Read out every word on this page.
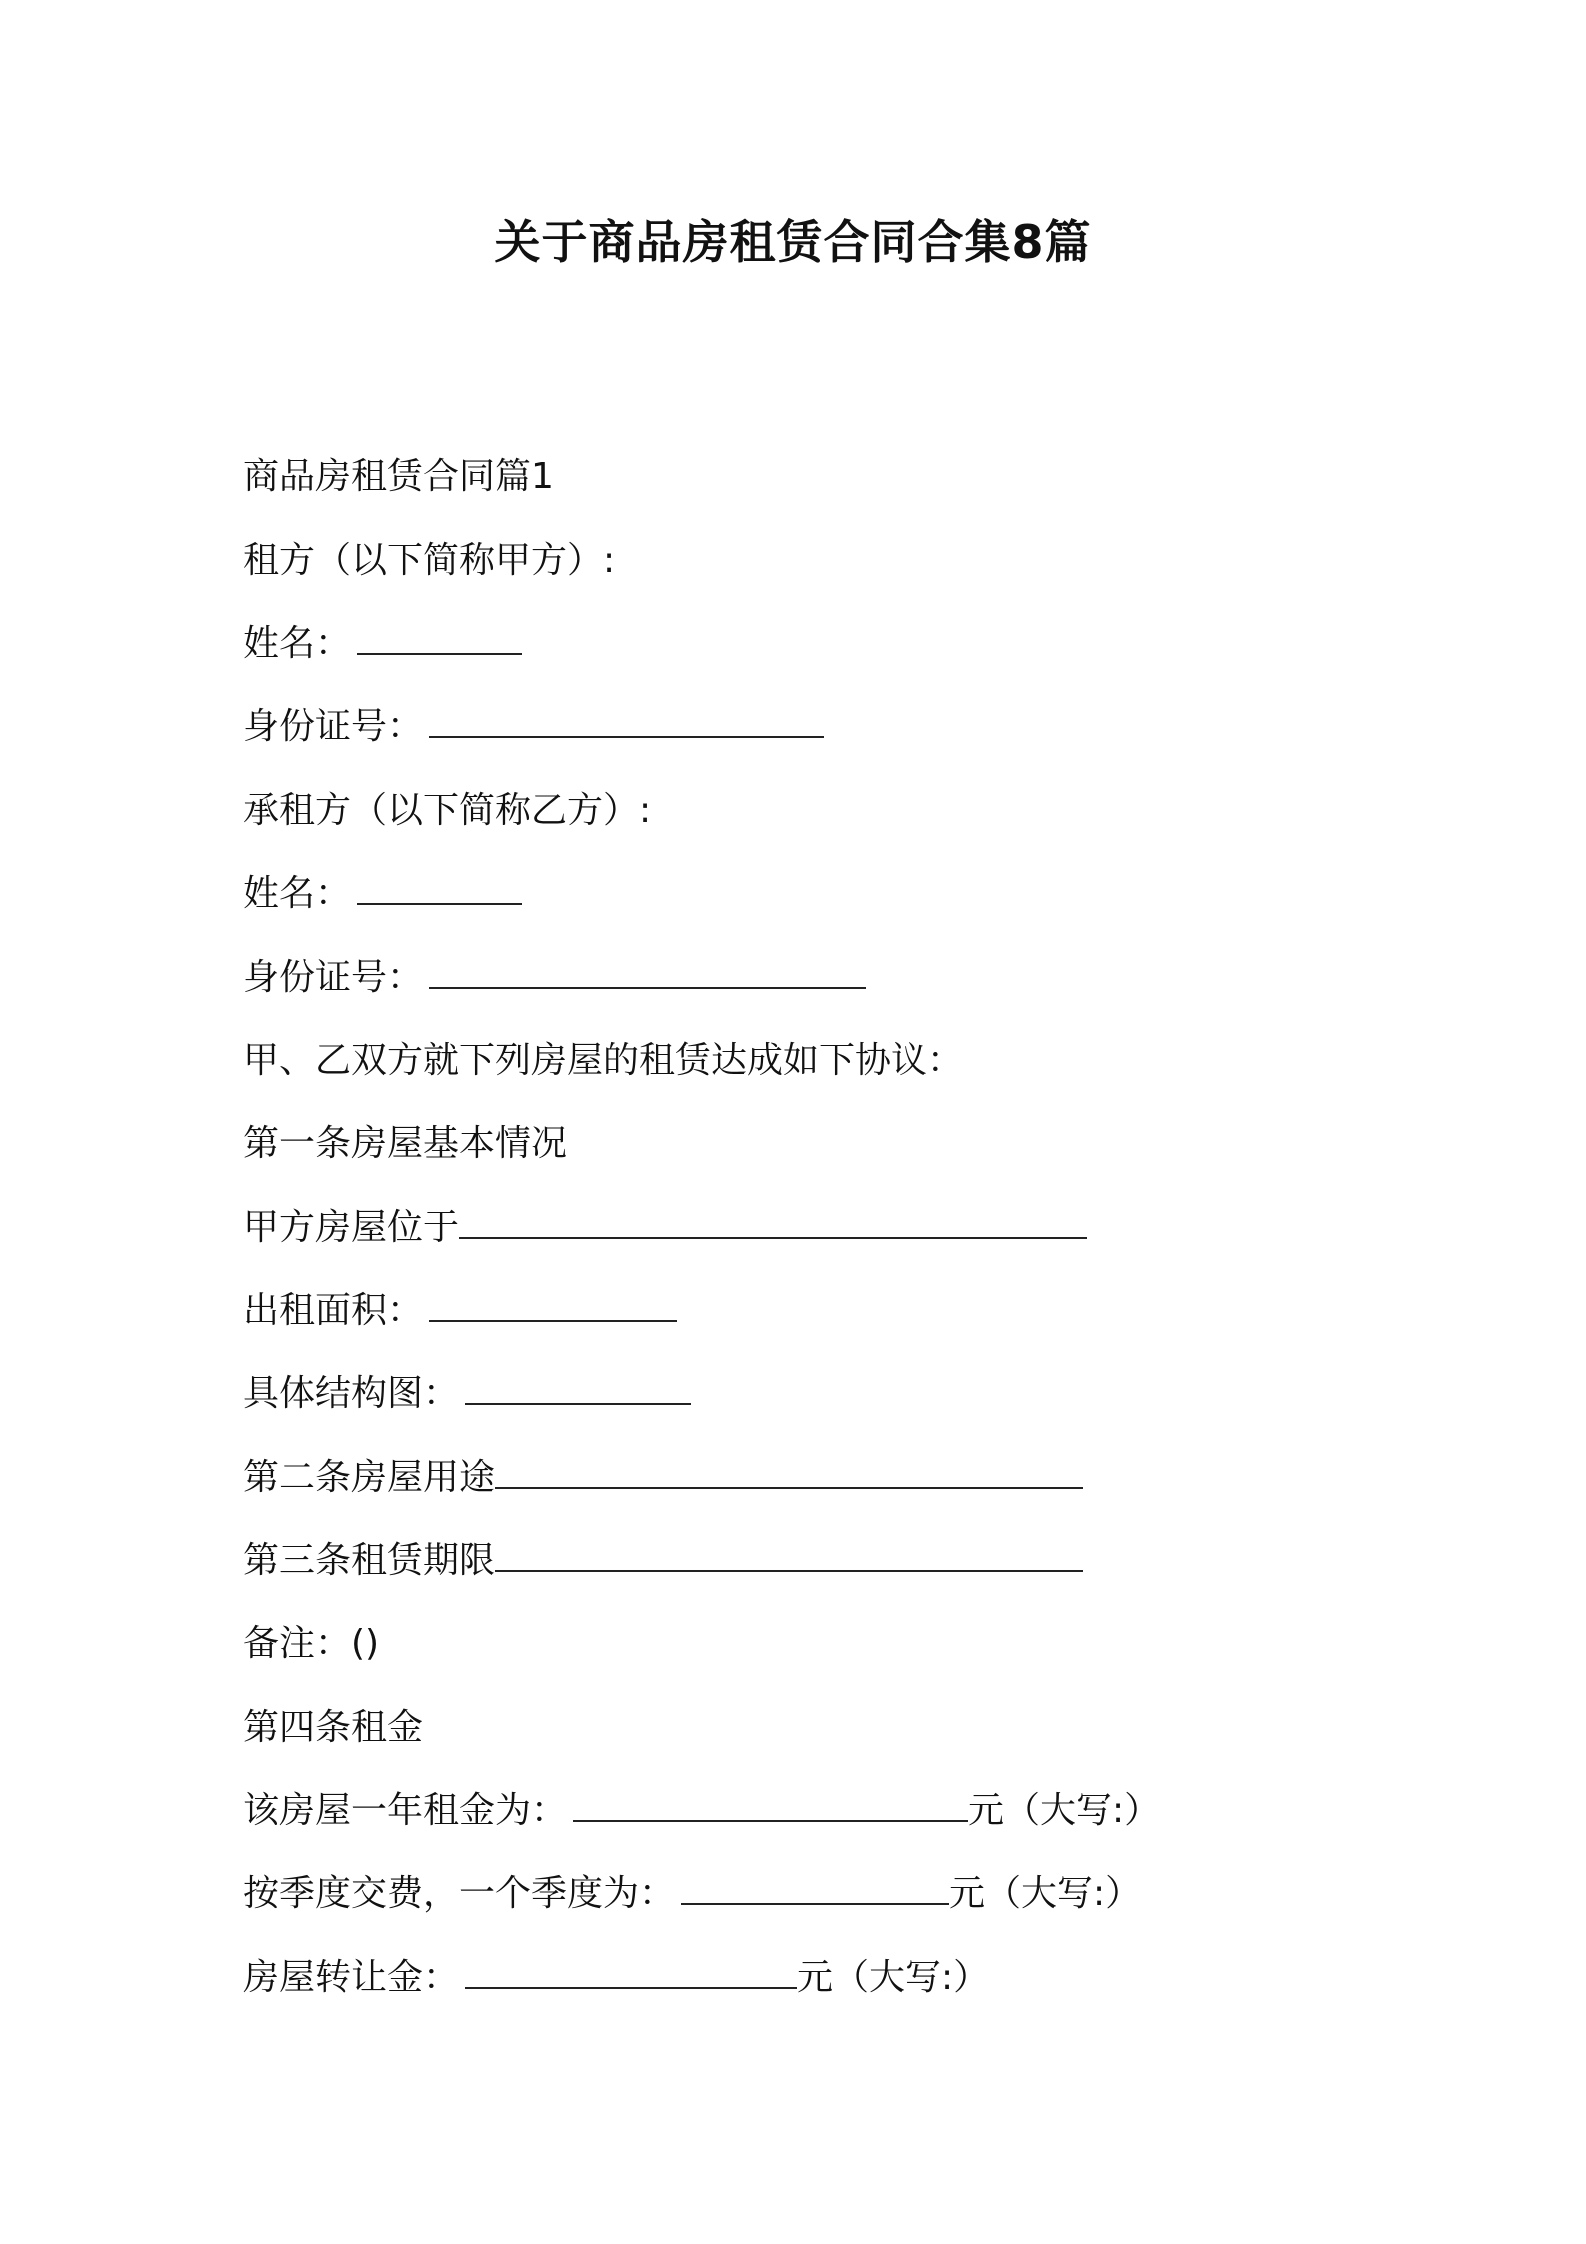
关于商品房租赁合同合集8篇
商品房租赁合同篇1
租方（以下简称甲方）:
姓名：
身份证号：
承租方（以下简称乙方）:
姓名：
身份证号：
甲、乙双方就下列房屋的租赁达成如下协议：
第一条房屋基本情况
甲方房屋位于
出租面积：
具体结构图：
第二条房屋用途
第三条租赁期限
备注：()
第四条租金
该房屋一年租金为：	元（大写:）
按季度交费，一个季度为：	元（大写:）
房屋转让金：	元（大写:）
